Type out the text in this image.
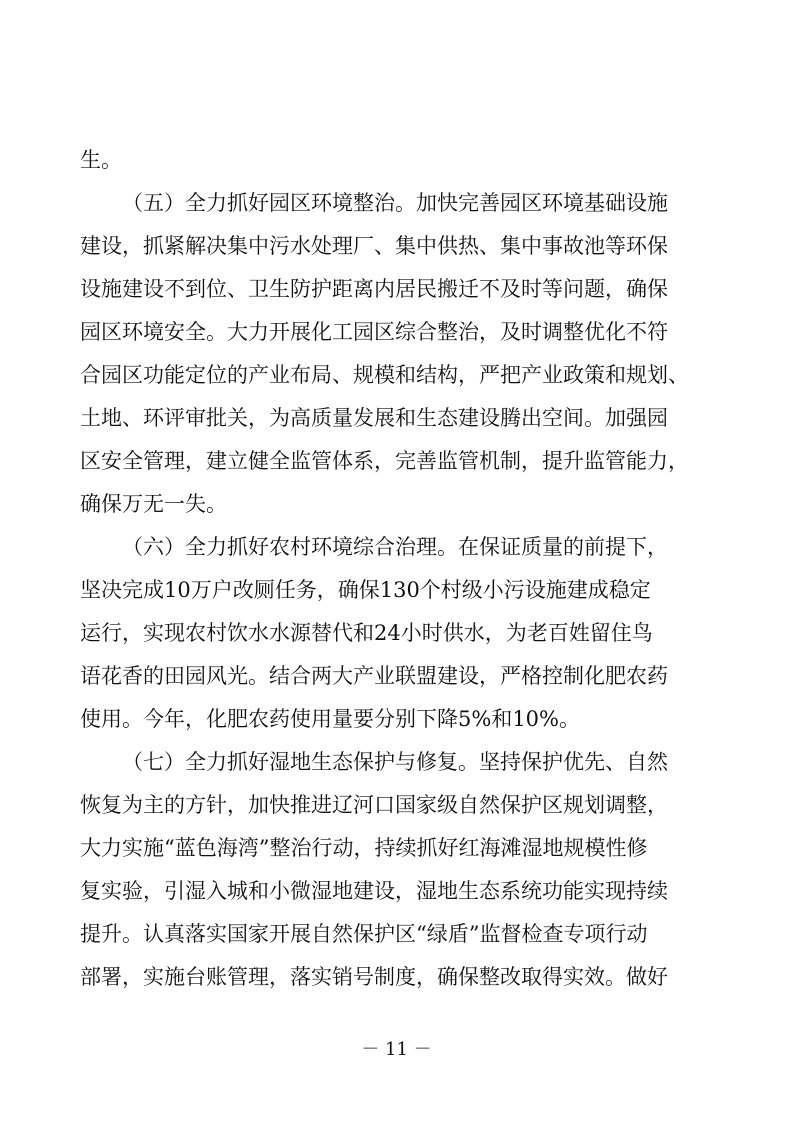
生。
（五）全力抓好园区环境整治。加快完善园区环境基础设施
建设，抓紧解决集中污水处理厂、集中供热、集中事故池等环保
设施建设不到位、卫生防护距离内居民搬迁不及时等问题，确保
园区环境安全。大力开展化工园区综合整治，及时调整优化不符
合园区功能定位的产业布局、规模和结构，严把产业政策和规划、
土地、环评审批关，为高质量发展和生态建设腾出空间。加强园
区安全管理，建立健全监管体系，完善监管机制，提升监管能力，
确保万无一失。
（六）全力抓好农村环境综合治理。在保证质量的前提下，
坚决完成10万户改厕任务，确保130个村级小污设施建成稳定
运行，实现农村饮水水源替代和24小时供水，为老百姓留住鸟
语花香的田园风光。结合两大产业联盟建设，严格控制化肥农药
使用。今年，化肥农药使用量要分别下降5%和10%。
（七）全力抓好湿地生态保护与修复。坚持保护优先、自然
恢复为主的方针，加快推进辽河口国家级自然保护区规划调整，
大力实施“蓝色海湾”整治行动，持续抓好红海滩湿地规模性修
复实验，引湿入城和小微湿地建设，湿地生态系统功能实现持续
提升。认真落实国家开展自然保护区“绿盾”监督检查专项行动
部署，实施台账管理，落实销号制度，确保整改取得实效。做好
－ 11 －
